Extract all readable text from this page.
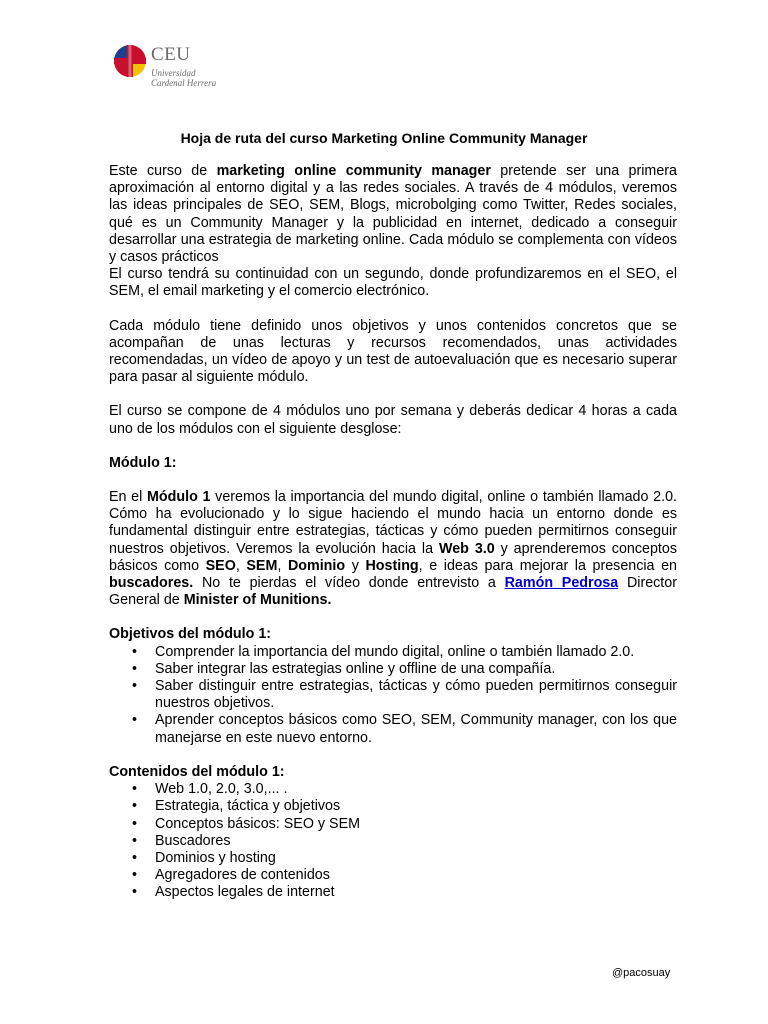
CEU
Universidad
Cardenal Herrera
Hoja de ruta del curso Marketing Online Community Manager

Este curso de marketing online community manager pretende ser una primera aproximación al entorno digital y a las redes sociales. A través de 4 módulos, veremos las ideas principales de SEO, SEM, Blogs, microbolging como Twitter, Redes sociales, qué es un Community Manager y la publicidad en internet, dedicado a conseguir desarrollar una estrategia de marketing online. Cada módulo se complementa con vídeos y casos prácticos

El curso tendrá su continuidad con un segundo, donde profundizaremos en el SEO, el SEM, el email marketing y el comercio electrónico.

Cada módulo tiene definido unos objetivos y unos contenidos concretos que se acompañan de unas lecturas y recursos recomendados, unas actividades recomendadas, un vídeo de apoyo y un test de autoevaluación que es necesario superar para pasar al siguiente módulo.

El curso se compone de 4 módulos uno por semana y deberás dedicar 4 horas a cada uno de los módulos con el siguiente desglose:

Módulo 1:

En el Módulo 1 veremos la importancia del mundo digital, online o también llamado 2.0. Cómo ha evolucionado y lo sigue haciendo el mundo hacia un entorno donde es fundamental distinguir entre estrategias, tácticas y cómo pueden permitirnos conseguir nuestros objetivos. Veremos la evolución hacia la Web 3.0 y aprenderemos conceptos básicos como SEO, SEM, Dominio y Hosting, e ideas para mejorar la presencia en buscadores. No te pierdas el vídeo donde entrevisto a Ramón Pedrosa Director General de Minister of Munitions.

Objetivos del módulo 1:

• Comprender la importancia del mundo digital, online o también llamado 2.0.
• Saber integrar las estrategias online y offline de una compañía.
• Saber distinguir entre estrategias, tácticas y cómo pueden permitirnos conseguir nuestros objetivos.
• Aprender conceptos básicos como SEO, SEM, Community manager, con los que manejarse en este nuevo entorno.

Contenidos del módulo 1:

• Web 1.0, 2.0, 3.0,... .
• Estrategia, táctica y objetivos
• Conceptos básicos: SEO y SEM
• Buscadores
• Dominios y hosting
• Agregadores de contenidos
• Aspectos legales de internet
@pacosuay
